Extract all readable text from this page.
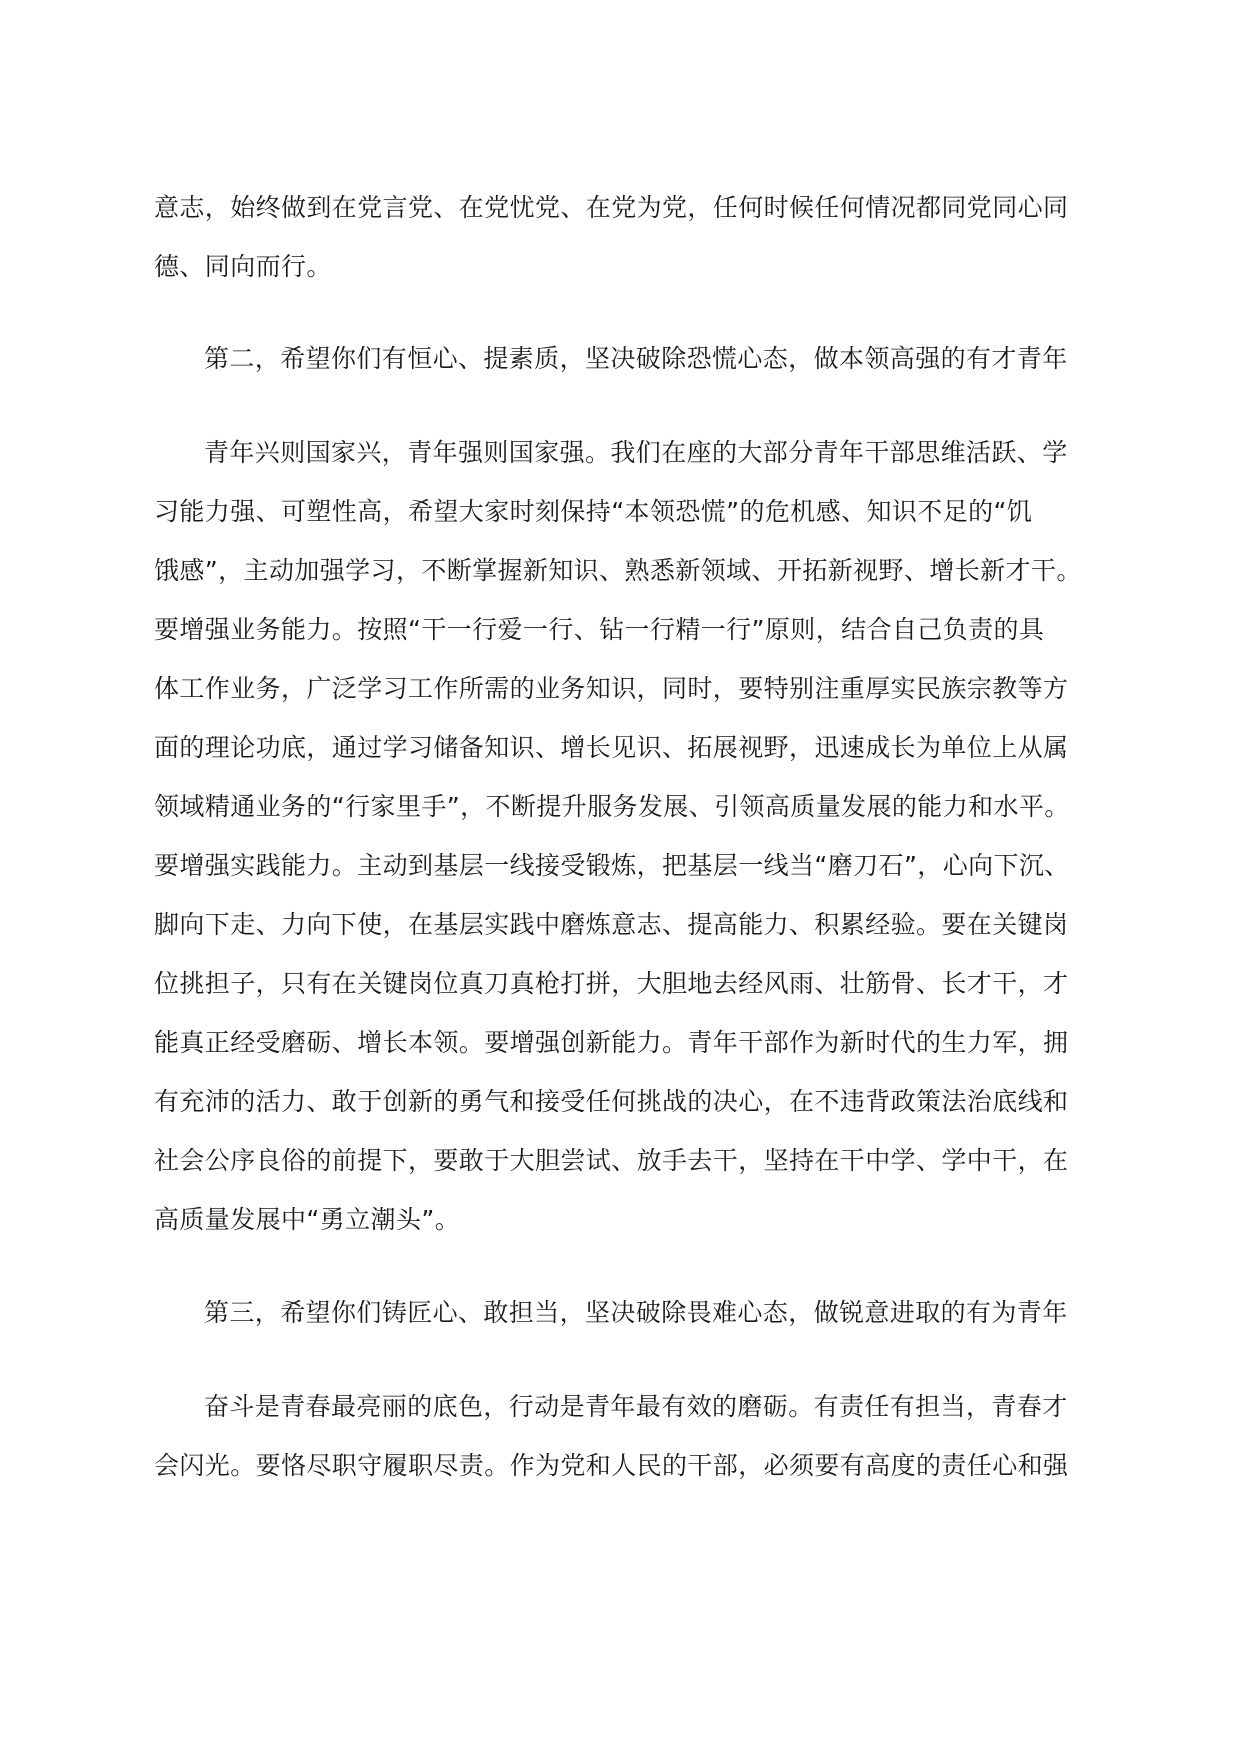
意志，始终做到在党言党、在党忧党、在党为党，任何时候任何情况都同党同心同
德、同向而行。
第二，希望你们有恒心、提素质，坚决破除恐慌心态，做本领高强的有才青年
青年兴则国家兴，青年强则国家强。我们在座的大部分青年干部思维活跃、学
习能力强、可塑性高，希望大家时刻保持“本领恐慌”的危机感、知识不足的“饥
饿感”，主动加强学习，不断掌握新知识、熟悉新领域、开拓新视野、增长新才干。
要增强业务能力。按照“干一行爱一行、钻一行精一行”原则，结合自己负责的具
体工作业务，广泛学习工作所需的业务知识，同时，要特别注重厚实民族宗教等方
面的理论功底，通过学习储备知识、增长见识、拓展视野，迅速成长为单位上从属
领域精通业务的“行家里手”，不断提升服务发展、引领高质量发展的能力和水平。
要增强实践能力。主动到基层一线接受锻炼，把基层一线当“磨刀石”，心向下沉、
脚向下走、力向下使，在基层实践中磨炼意志、提高能力、积累经验。要在关键岗
位挑担子，只有在关键岗位真刀真枪打拼，大胆地去经风雨、壮筋骨、长才干，才
能真正经受磨砺、增长本领。要增强创新能力。青年干部作为新时代的生力军，拥
有充沛的活力、敢于创新的勇气和接受任何挑战的决心，在不违背政策法治底线和
社会公序良俗的前提下，要敢于大胆尝试、放手去干，坚持在干中学、学中干，在
高质量发展中“勇立潮头”。
第三，希望你们铸匠心、敢担当，坚决破除畏难心态，做锐意进取的有为青年
奋斗是青春最亮丽的底色，行动是青年最有效的磨砺。有责任有担当，青春才
会闪光。要恪尽职守履职尽责。作为党和人民的干部，必须要有高度的责任心和强
